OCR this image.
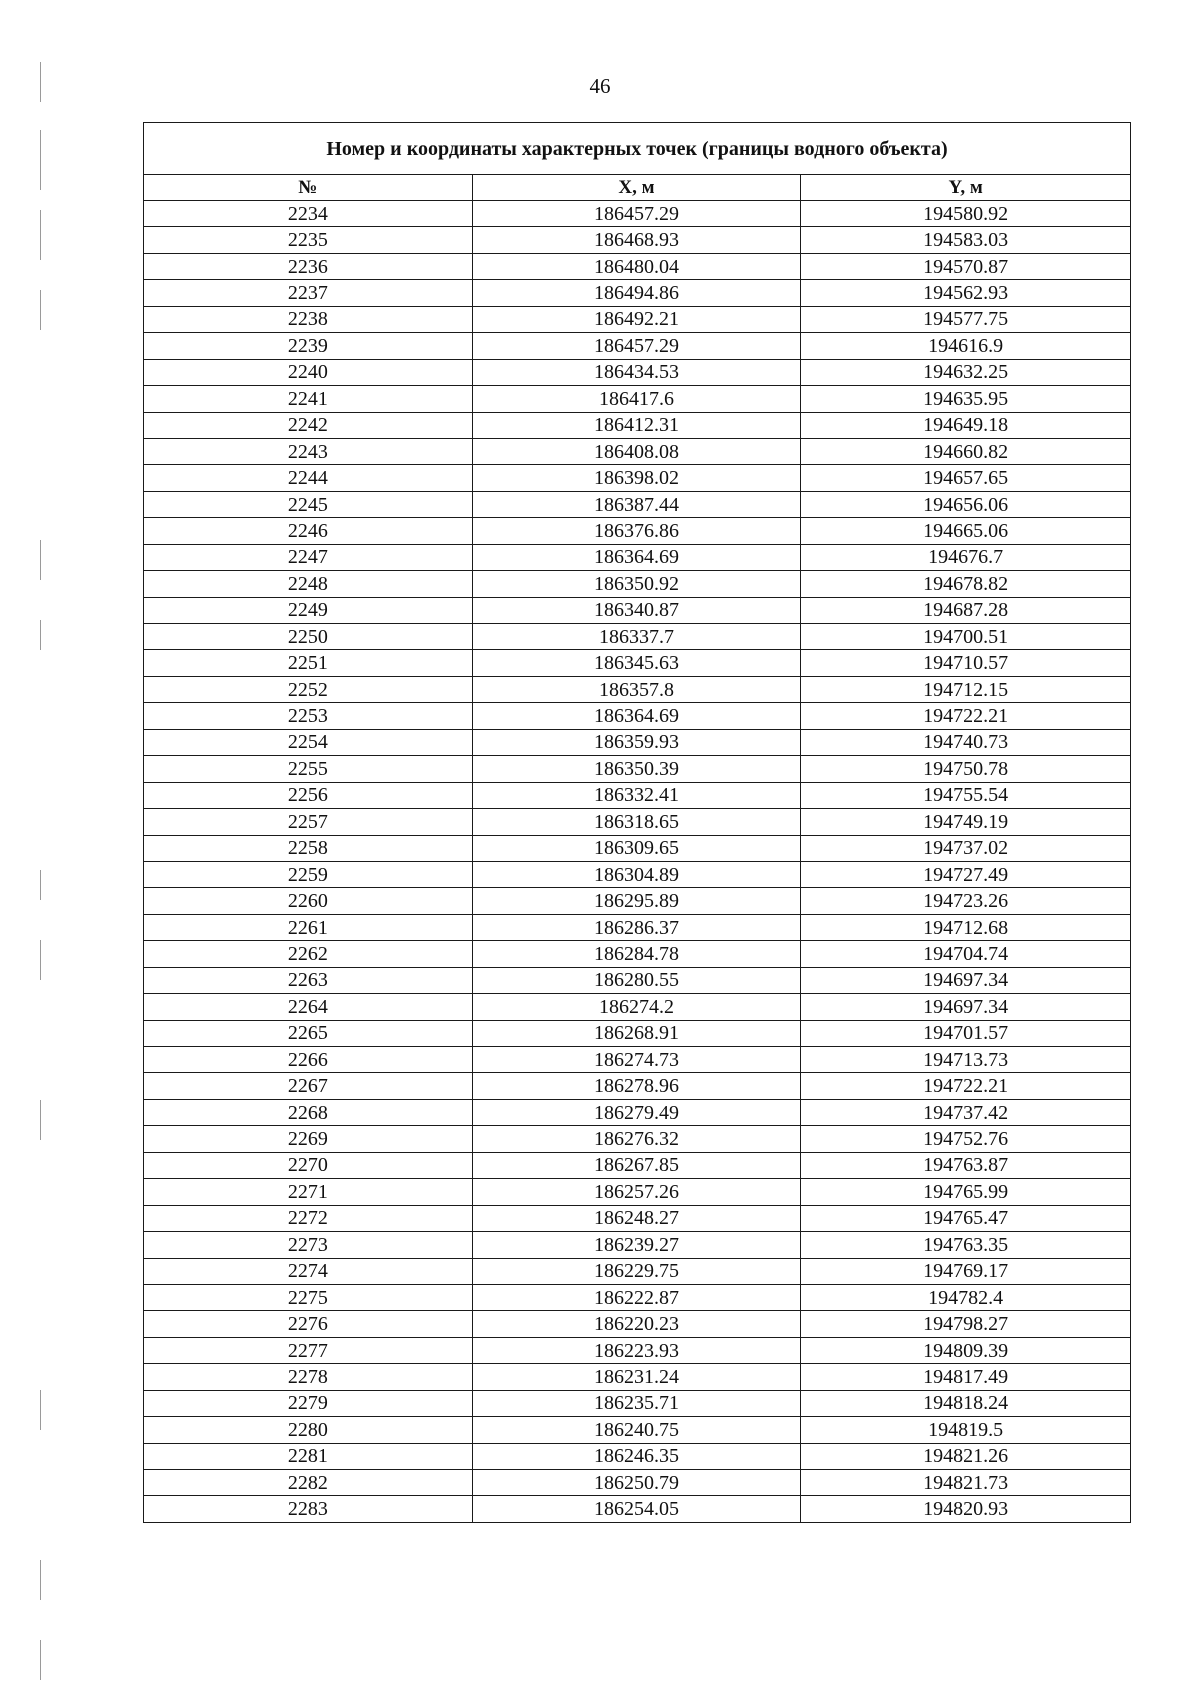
46
Номер и координаты характерных точек (границы водного объекта)		
№	X, м	Y, м
2234	186457.29	194580.92
2235	186468.93	194583.03
2236	186480.04	194570.87
2237	186494.86	194562.93
2238	186492.21	194577.75
2239	186457.29	194616.9
2240	186434.53	194632.25
2241	186417.6	194635.95
2242	186412.31	194649.18
2243	186408.08	194660.82
2244	186398.02	194657.65
2245	186387.44	194656.06
2246	186376.86	194665.06
2247	186364.69	194676.7
2248	186350.92	194678.82
2249	186340.87	194687.28
2250	186337.7	194700.51
2251	186345.63	194710.57
2252	186357.8	194712.15
2253	186364.69	194722.21
2254	186359.93	194740.73
2255	186350.39	194750.78
2256	186332.41	194755.54
2257	186318.65	194749.19
2258	186309.65	194737.02
2259	186304.89	194727.49
2260	186295.89	194723.26
2261	186286.37	194712.68
2262	186284.78	194704.74
2263	186280.55	194697.34
2264	186274.2	194697.34
2265	186268.91	194701.57
2266	186274.73	194713.73
2267	186278.96	194722.21
2268	186279.49	194737.42
2269	186276.32	194752.76
2270	186267.85	194763.87
2271	186257.26	194765.99
2272	186248.27	194765.47
2273	186239.27	194763.35
2274	186229.75	194769.17
2275	186222.87	194782.4
2276	186220.23	194798.27
2277	186223.93	194809.39
2278	186231.24	194817.49
2279	186235.71	194818.24
2280	186240.75	194819.5
2281	186246.35	194821.26
2282	186250.79	194821.73
2283	186254.05	194820.93
